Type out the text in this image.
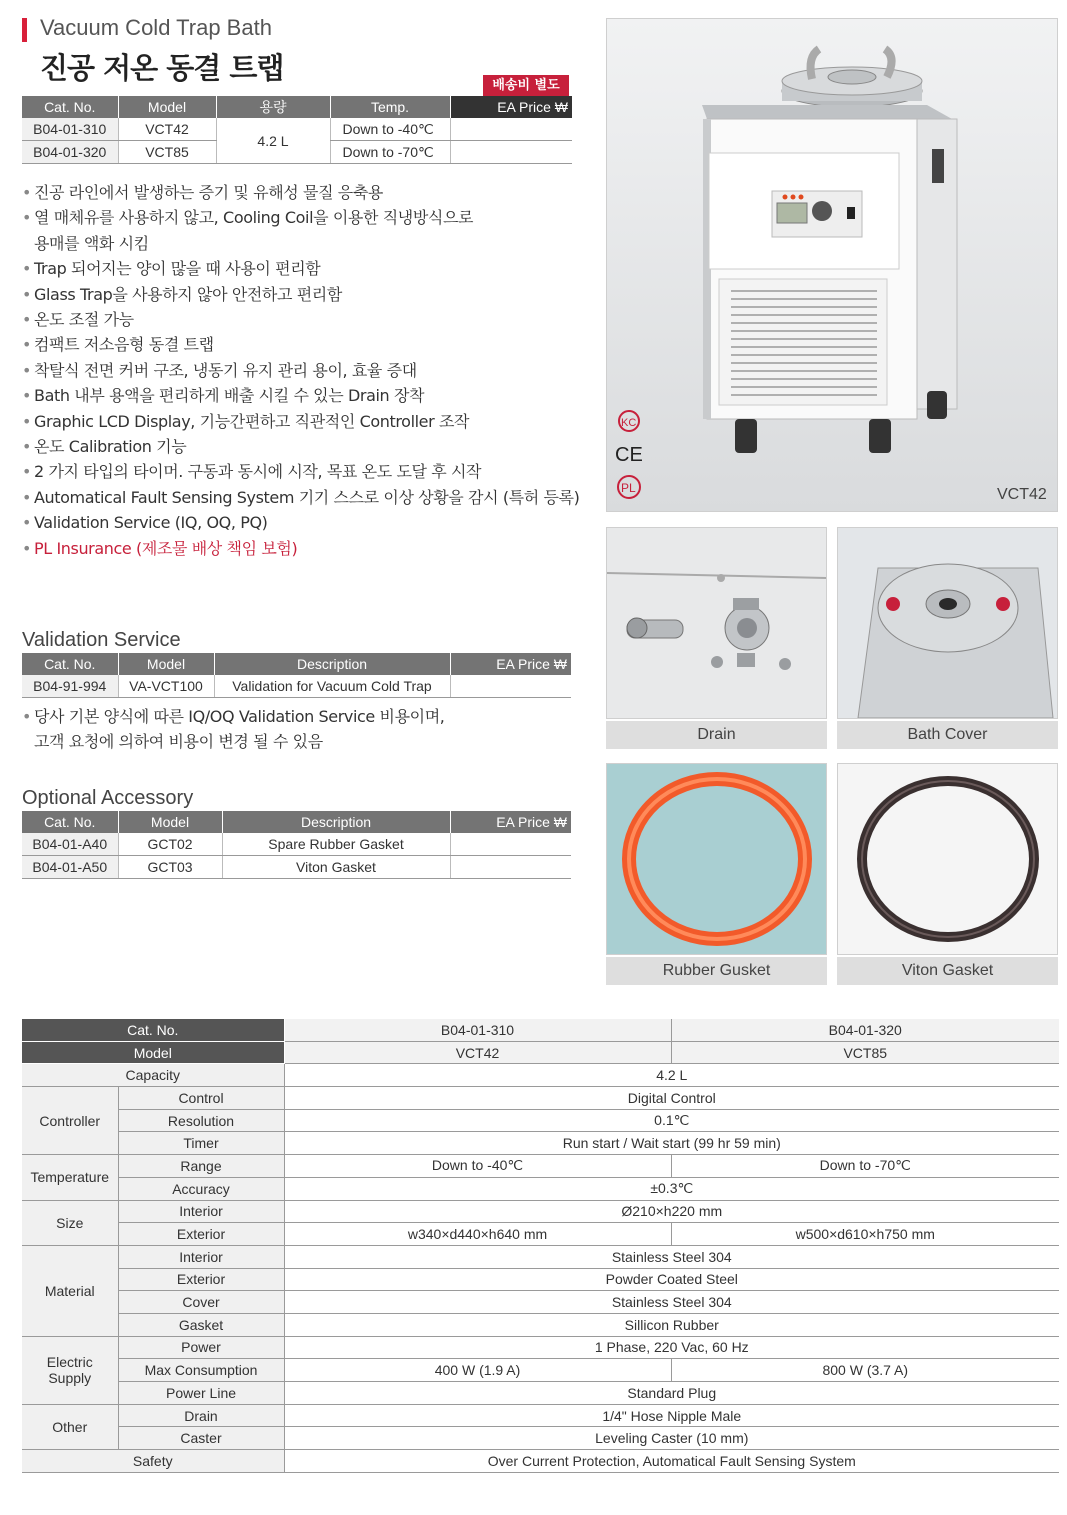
Vacuum Cold Trap Bath
진공 저온 동결 트랩
배송비 별도
Cat. No.	Model	용량	Temp.	EA Price ₩
B04-01-310	VCT42	4.2 L	Down to -40℃	
B04-01-320	VCT85		Down to -70℃	
• 진공 라인에서 발생하는 증기 및 유해성 물질 응축용
• 열 매체유를 사용하지 않고, Cooling Coil을 이용한 직냉방식으로
용매를 액화 시킴
• Trap 되어지는 양이 많을 때 사용이 편리함
• Glass Trap을 사용하지 않아 안전하고 편리함
• 온도 조절 가능
• 컴팩트 저소음형 동결 트랩
• 착탈식 전면 커버 구조, 냉동기 유지 관리 용이, 효율 증대
• Bath 내부 용액을 편리하게 배출 시킬 수 있는 Drain 장착
• Graphic LCD Display, 기능간편하고 직관적인 Controller 조작
• 온도 Calibration 기능
• 2 가지 타입의 타이머. 구동과 동시에 시작, 목표 온도 도달 후 시작
• Automatical Fault Sensing System 기기 스스로 이상 상황을 감시 (특허 등록)
• Validation Service (IQ, OQ, PQ)
• PL Insurance (제조물 배상 책임 보험)
Validation Service
Cat. No.	Model	Description	EA Price ₩
B04-91-994	VA-VCT100	Validation for Vacuum Cold Trap	
• 당사 기본 양식에 따른 IQ/OQ Validation Service 비용이며,
고객 요청에 의하여 비용이 변경 될 수 있음
Optional Accessory
Cat. No.	Model	Description	EA Price ₩
B04-01-A40	GCT02	Spare Rubber Gasket	
B04-01-A50	GCT03	Viton Gasket	
KC
CE
PL	VCT42
Drain	Bath Cover
Rubber Gusket	Viton Gasket
Cat. No.		B04-01-310	B04-01-320
Model		VCT42	VCT85
Capacity		4.2 L	
Controller	Control	Digital Control	
	Resolution	0.1℃	
	Timer	Run start / Wait start (99 hr 59 min)	
Temperature	Range	Down to -40℃	Down to -70℃
	Accuracy	±0.3℃	
Size	Interior	Ø210×h220 mm	
	Exterior	w340×d440×h640 mm	w500×d610×h750 mm
Material	Interior	Stainless Steel 304	
	Exterior	Powder Coated Steel	
	Cover	Stainless Steel 304	
	Gasket	Sillicon Rubber	
Electric
Supply	Power	1 Phase, 220 Vac, 60 Hz	
	Max Consumption	400 W (1.9 A)	800 W (3.7 A)
	Power Line	Standard Plug	
Other	Drain	1/4" Hose Nipple Male	
	Caster	Leveling Caster (10 mm)	
Safety		Over Current Protection, Automatical Fault Sensing System	
